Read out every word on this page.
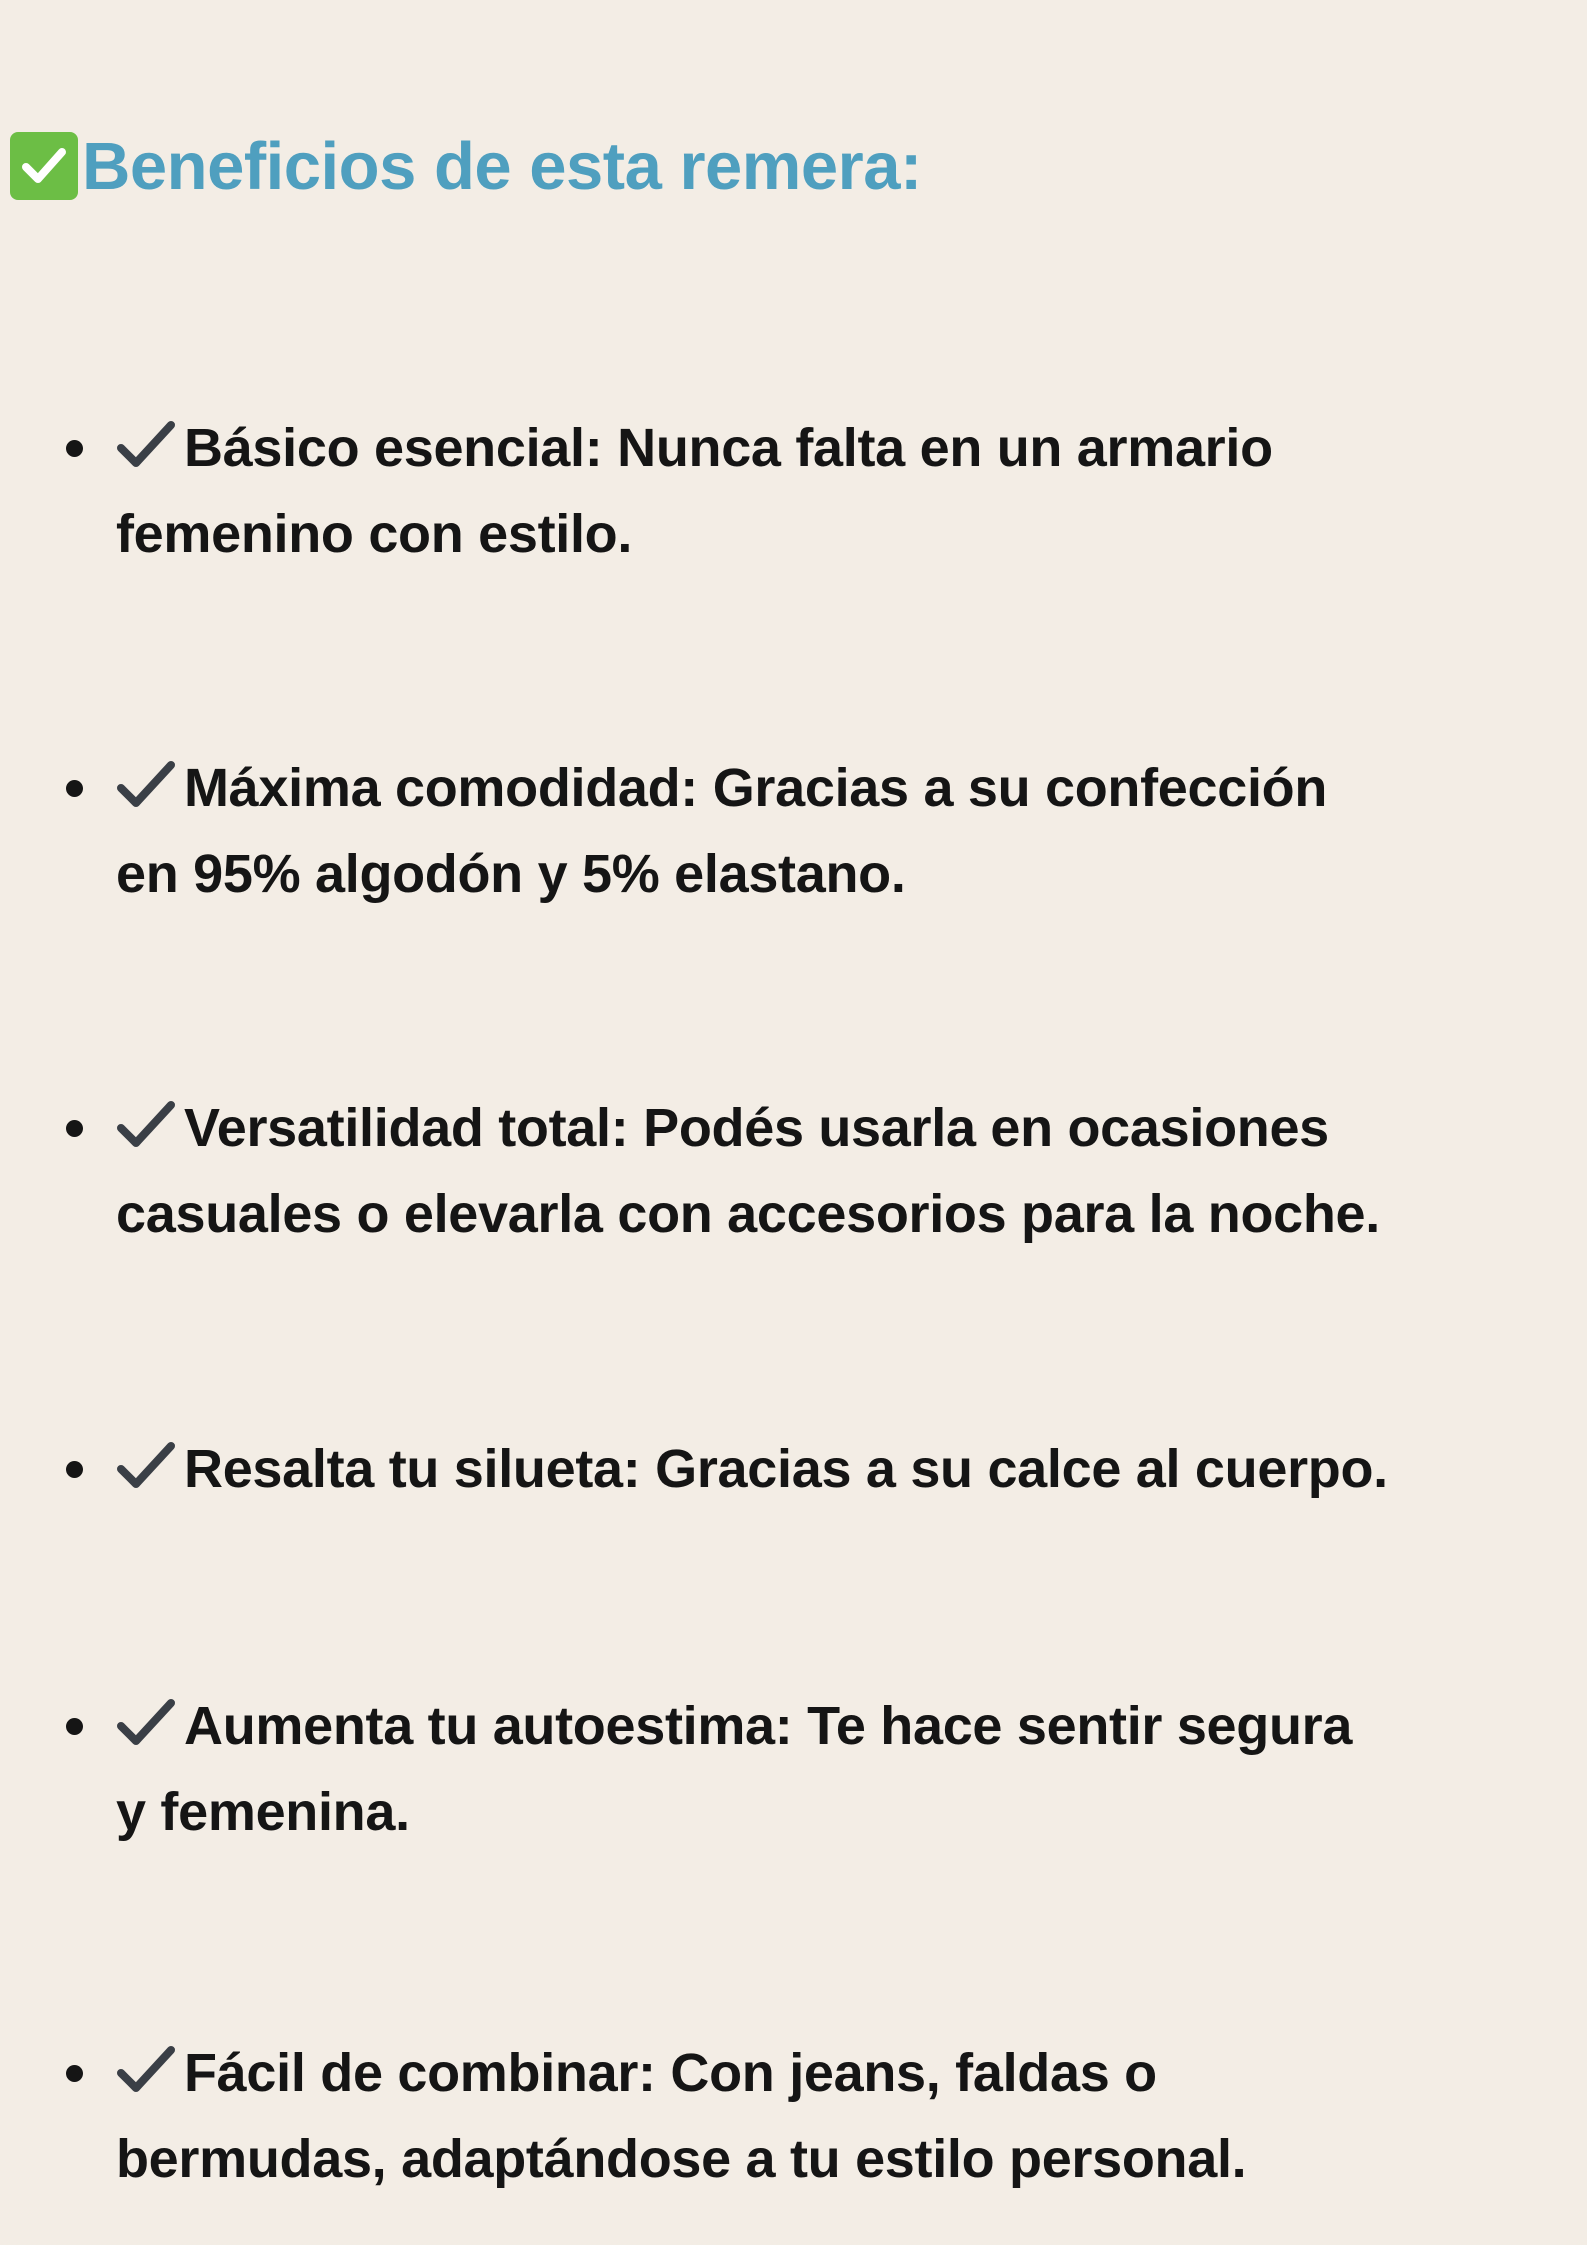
Beneficios de esta remera:
Básico esencial: Nunca falta en un armario
femenino con estilo.
Máxima comodidad: Gracias a su confección
en 95% algodón y 5% elastano.
Versatilidad total: Podés usarla en ocasiones
casuales o elevarla con accesorios para la noche.
Resalta tu silueta: Gracias a su calce al cuerpo.
Aumenta tu autoestima: Te hace sentir segura
y femenina.
Fácil de combinar: Con jeans, faldas o
bermudas, adaptándose a tu estilo personal.
